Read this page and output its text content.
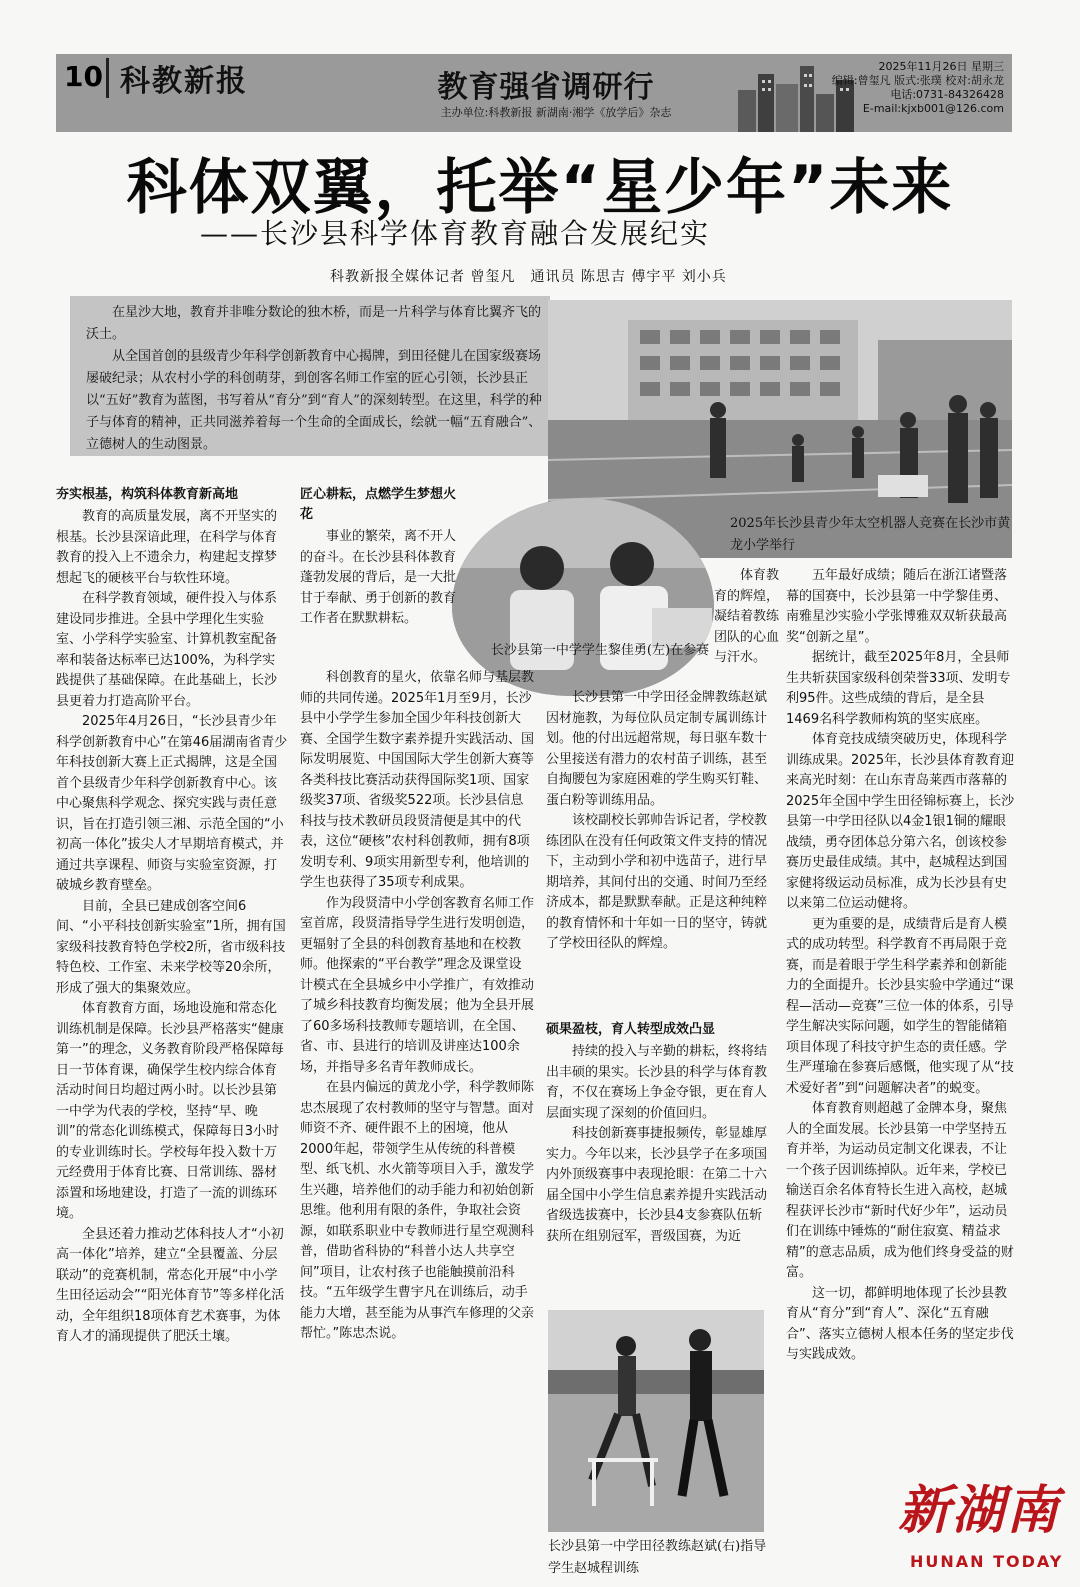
10 科教新报	教育强省调研行
主办单位:科教新报 新湖南·湘学《放学后》杂志
2025年11月26日 星期三
编辑:曾玺凡 版式:张璞 校对:胡永龙
电话:0731-84326428
E-mail:kjxb001@126.com
科体双翼，托举“星少年”未来
——长沙县科学体育教育融合发展纪实
科教新报全媒体记者 曾玺凡　通讯员 陈思吉 傅宇平 刘小兵

在星沙大地，教育并非唯分数论的独木桥，而是一片科学与体育比翼齐飞的沃土。

从全国首创的县级青少年科学创新教育中心揭牌，到田径健儿在国家级赛场屡破纪录；从农村小学的科创萌芽，到创客名师工作室的匠心引领，长沙县正以“五好”教育为蓝图，书写着从“育分”到“育人”的深刻转型。在这里，科学的种子与体育的精神，正共同滋养着每一个生命的全面成长，绘就一幅“五育融合”、立德树人的生动图景。

2025年长沙县青少年太空机器人竞赛在长沙市黄龙小学举行
长沙县第一中学学生黎佳勇(左)在参赛
长沙县第一中学田径教练赵斌(右)指导学生赵城程训练
夯实根基，构筑科体教育新高地

教育的高质量发展，离不开坚实的根基。长沙县深谙此理，在科学与体育教育的投入上不遗余力，构建起支撑梦想起飞的硬核平台与软性环境。

在科学教育领域，硬件投入与体系建设同步推进。全县中学理化生实验室、小学科学实验室、计算机教室配备率和装备达标率已达100%，为科学实践提供了基础保障。在此基础上，长沙县更着力打造高阶平台。

2025年4月26日，“长沙县青少年科学创新教育中心”在第46届湖南省青少年科技创新大赛上正式揭牌，这是全国首个县级青少年科学创新教育中心。该中心聚焦科学观念、探究实践与责任意识，旨在打造引领三湘、示范全国的“小初高一体化”拔尖人才早期培育模式，并通过共享课程、师资与实验室资源，打破城乡教育壁垒。

目前，全县已建成创客空间6间、“小平科技创新实验室”1所，拥有国家级科技教育特色学校2所，省市级科技特色校、工作室、未来学校等20余所，形成了强大的集聚效应。

体育教育方面，场地设施和常态化训练机制是保障。长沙县严格落实“健康第一”的理念，义务教育阶段严格保障每日一节体育课，确保学生校内综合体育活动时间日均超过两小时。以长沙县第一中学为代表的学校，坚持“早、晚训”的常态化训练模式，保障每日3小时的专业训练时长。学校每年投入数十万元经费用于体育比赛、日常训练、器材添置和场地建设，打造了一流的训练环境。

全县还着力推动艺体科技人才“小初高一体化”培养，建立“全县覆盖、分层联动”的竞赛机制，常态化开展“中小学生田径运动会”“阳光体育节”等多样化活动，全年组织18项体育艺术赛事，为体育人才的涌现提供了肥沃土壤。

匠心耕耘，点燃学生梦想火花

事业的繁荣，离不开人的奋斗。在长沙县科体教育蓬勃发展的背后，是一大批甘于奉献、勇于创新的教育工作者在默默耕耘。

科创教育的星火，依靠名师与基层教师的共同传递。2025年1月至9月，长沙县中小学学生参加全国少年科技创新大赛、全国学生数字素养提升实践活动、国际发明展览、中国国际大学生创新大赛等各类科技比赛活动获得国际奖1项、国家级奖37项、省级奖522项。长沙县信息科技与技术教研员段贤清便是其中的代表，这位“硬核”农村科创教师，拥有8项发明专利、9项实用新型专利，他培训的学生也获得了35项专利成果。

作为段贤清中小学创客教育名师工作室首席，段贤清指导学生进行发明创造，更辐射了全县的科创教育基地和在校教师。他探索的“平台教学”理念及课堂设计模式在全县城乡中小学推广，有效推动了城乡科技教育均衡发展；他为全县开展了60多场科技教师专题培训，在全国、省、市、县进行的培训及讲座达100余场，并指导多名青年教师成长。

在县内偏远的黄龙小学，科学教师陈忠杰展现了农村教师的坚守与智慧。面对师资不齐、硬件跟不上的困境，他从2000年起，带领学生从传统的科普模型、纸飞机、水火箭等项目入手，激发学生兴趣，培养他们的动手能力和初始创新思维。他利用有限的条件，争取社会资源，如联系职业中专教师进行星空观测科普，借助省科协的“科普小达人共享空间”项目，让农村孩子也能触摸前沿科技。“五年级学生曹宇凡在训练后，动手能力大增，甚至能为从事汽车修理的父亲帮忙。”陈忠杰说。

体育教育的辉煌，凝结着教练团队的心血与汗水。

长沙县第一中学田径金牌教练赵斌因材施教，为每位队员定制专属训练计划。他的付出远超常规，每日驱车数十公里接送有潜力的农村苗子训练，甚至自掏腰包为家庭困难的学生购买钉鞋、蛋白粉等训练用品。

该校副校长郭帅告诉记者，学校教练团队在没有任何政策文件支持的情况下，主动到小学和初中选苗子，进行早期培养，其间付出的交通、时间乃至经济成本，都是默默奉献。正是这种纯粹的教育情怀和十年如一日的坚守，铸就了学校田径队的辉煌。

硕果盈枝，育人转型成效凸显

持续的投入与辛勤的耕耘，终将结出丰硕的果实。长沙县的科学与体育教育，不仅在赛场上争金夺银，更在育人层面实现了深刻的价值回归。

科技创新赛事捷报频传，彰显雄厚实力。今年以来，长沙县学子在多项国内外顶级赛事中表现抢眼：在第二十六届全国中小学生信息素养提升实践活动省级选拔赛中，长沙县4支参赛队伍斩获所在组别冠军，晋级国赛，为近

五年最好成绩；随后在浙江诸暨落幕的国赛中，长沙县第一中学黎佳勇、南雅星沙实验小学张博雅双双斩获最高奖“创新之星”。

据统计，截至2025年8月，全县师生共斩获国家级科创荣誉33项、发明专利95件。这些成绩的背后，是全县1469名科学教师构筑的坚实底座。

体育竞技成绩突破历史，体现科学训练成果。2025年，长沙县体育教育迎来高光时刻：在山东青岛莱西市落幕的2025年全国中学生田径锦标赛上，长沙县第一中学田径队以4金1银1铜的耀眼战绩，勇夺团体总分第六名，创该校参赛历史最佳成绩。其中，赵城程达到国家健将级运动员标准，成为长沙县有史以来第二位运动健将。

更为重要的是，成绩背后是育人模式的成功转型。科学教育不再局限于竞赛，而是着眼于学生科学素养和创新能力的全面提升。长沙县实验中学通过“课程—活动—竞赛”三位一体的体系，引导学生解决实际问题，如学生的智能储箱项目体现了科技守护生态的责任感。学生严瑾瑜在参赛后感慨，他实现了从“技术爱好者”到“问题解决者”的蜕变。

体育教育则超越了金牌本身，聚焦人的全面发展。长沙县第一中学坚持五育并举，为运动员定制文化课表，不让一个孩子因训练掉队。近年来，学校已输送百余名体育特长生进入高校，赵城程获评长沙市“新时代好少年”，运动员们在训练中锤炼的“耐住寂寞、精益求精”的意志品质，成为他们终身受益的财富。

这一切，都鲜明地体现了长沙县教育从“育分”到“育人”、深化“五育融合”、落实立德树人根本任务的坚定步伐与实践成效。

新湖南
HUNAN TODAY
